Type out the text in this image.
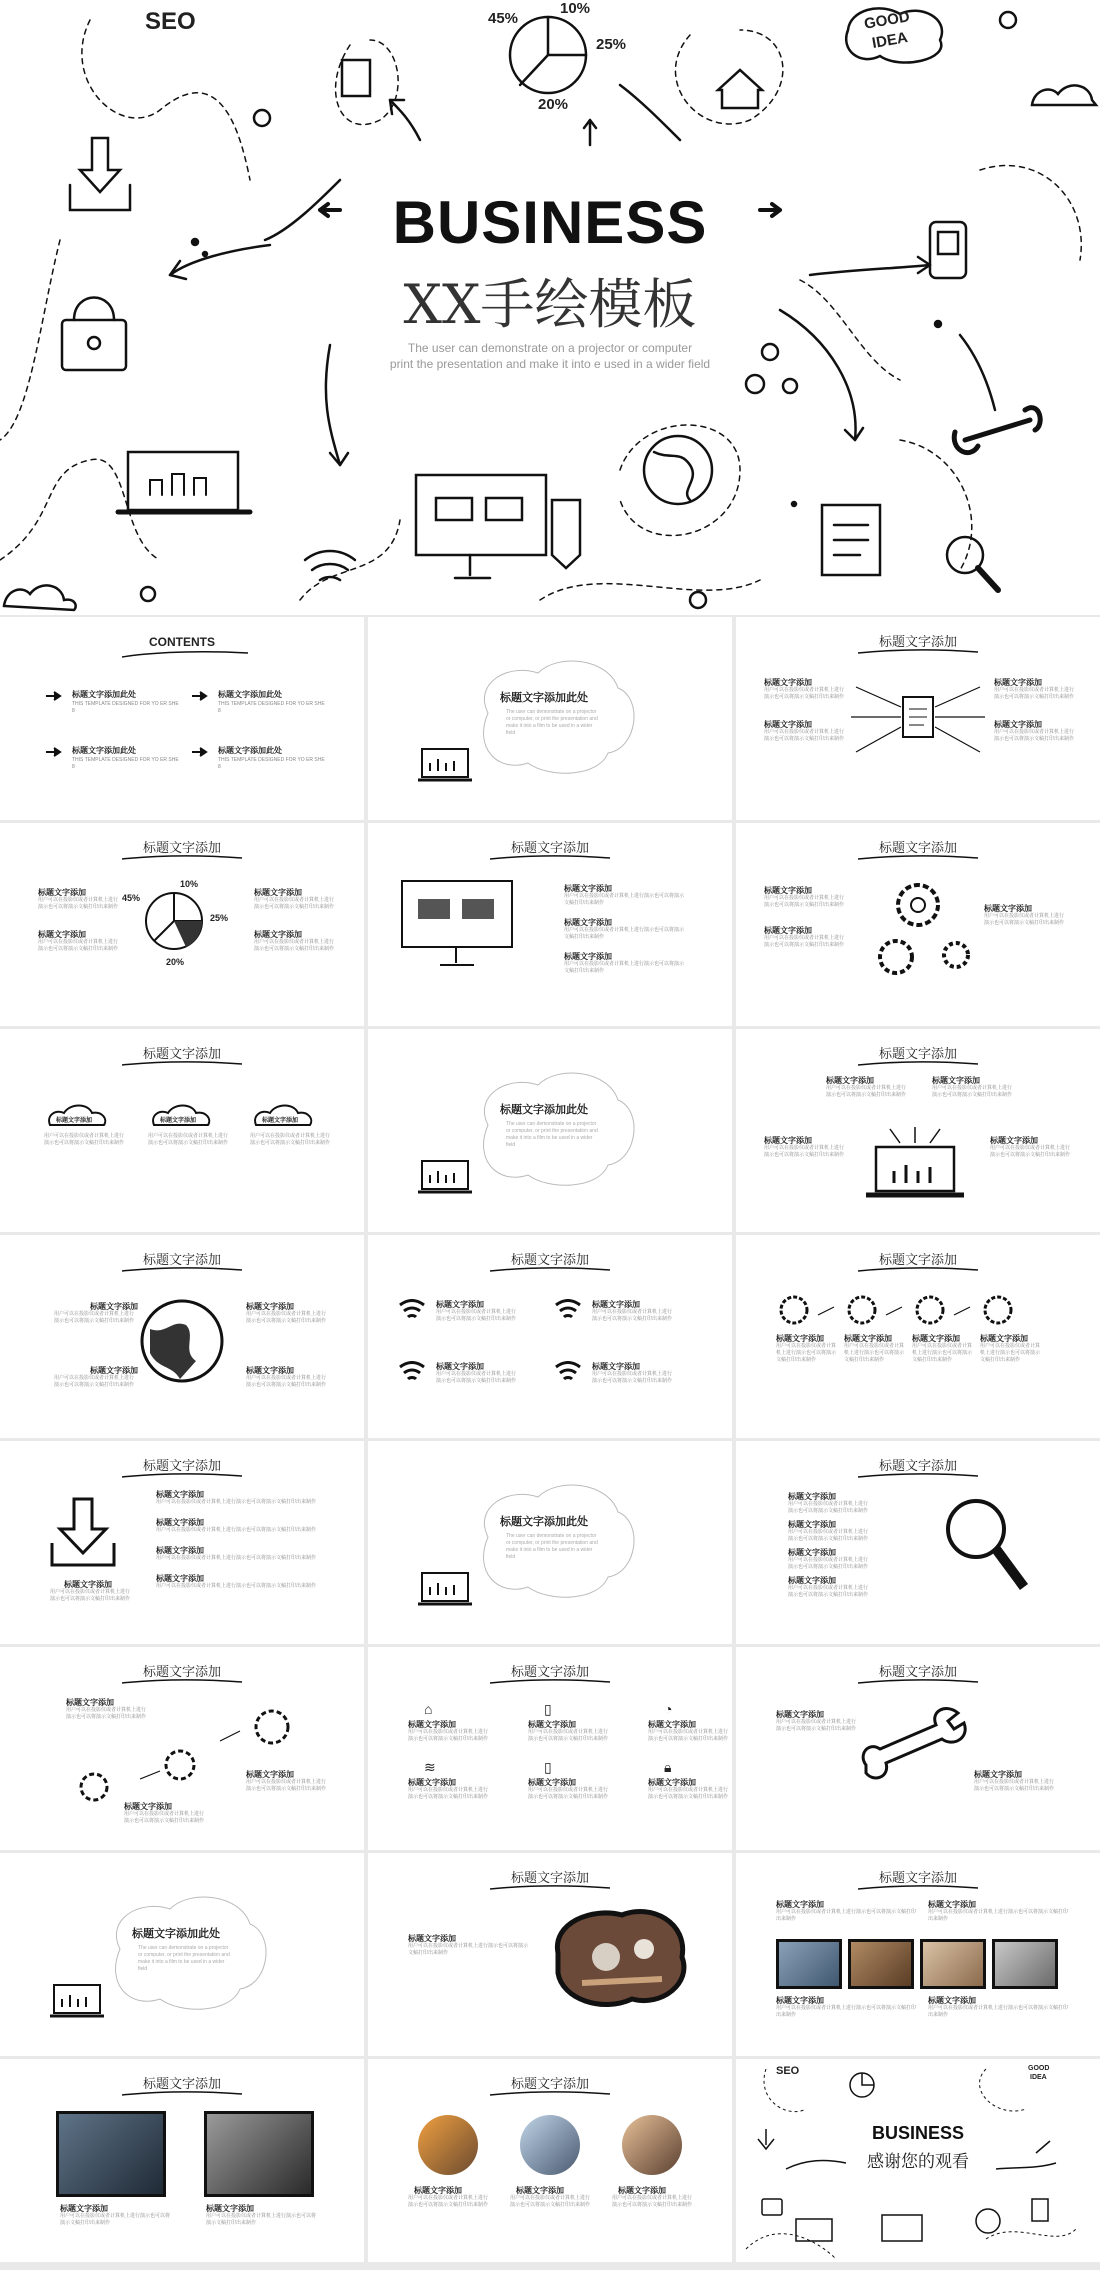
SEO	GOOD
IDEA
45%
10%
25%
20%
BUSINESS
XX手绘模板
The user can demonstrate on a projector or computer
print the presentation and make it into e used in a wider field
CONTENTS
标题文字添加此处
THIS TEMPLATE DESIGNED FOR YO ER SHE 8
标题文字添加此处
THIS TEMPLATE DESIGNED FOR YO ER SHE 8
标题文字添加此处
THIS TEMPLATE DESIGNED FOR YO ER SHE 8
标题文字添加此处
THIS TEMPLATE DESIGNED FOR YO ER SHE 8
标题文字添加此处
The user can demonstrate on a projector or computer, or print the presentation and make it into a film to be used in a wider field
标题文字添加
标题文字添加
用户可以在投影仪或者计算机上进行演示也可以将演示文稿打印出来制作
标题文字添加
用户可以在投影仪或者计算机上进行演示也可以将演示文稿打印出来制作
标题文字添加
用户可以在投影仪或者计算机上进行演示也可以将演示文稿打印出来制作
标题文字添加
用户可以在投影仪或者计算机上进行演示也可以将演示文稿打印出来制作
标题文字添加
45%
10%
25%
20%
标题文字添加
用户可以在投影仪或者计算机上进行演示也可以将演示文稿打印出来制作
标题文字添加
用户可以在投影仪或者计算机上进行演示也可以将演示文稿打印出来制作
标题文字添加
用户可以在投影仪或者计算机上进行演示也可以将演示文稿打印出来制作
标题文字添加
用户可以在投影仪或者计算机上进行演示也可以将演示文稿打印出来制作
标题文字添加
标题文字添加
用户可以在投影仪或者计算机上进行演示也可以将演示文稿打印出来制作
标题文字添加
用户可以在投影仪或者计算机上进行演示也可以将演示文稿打印出来制作
标题文字添加
用户可以在投影仪或者计算机上进行演示也可以将演示文稿打印出来制作
标题文字添加
标题文字添加
用户可以在投影仪或者计算机上进行演示也可以将演示文稿打印出来制作
标题文字添加
用户可以在投影仪或者计算机上进行演示也可以将演示文稿打印出来制作
标题文字添加
用户可以在投影仪或者计算机上进行演示也可以将演示文稿打印出来制作
标题文字添加
标题文字添加
用户可以在投影仪或者计算机上进行演示也可以将演示文稿打印出来制作
标题文字添加
用户可以在投影仪或者计算机上进行演示也可以将演示文稿打印出来制作
标题文字添加
用户可以在投影仪或者计算机上进行演示也可以将演示文稿打印出来制作
标题文字添加此处
The user can demonstrate on a projector or computer, or print the presentation and make it into a film to be used in a wider field
标题文字添加
标题文字添加
用户可以在投影仪或者计算机上进行演示也可以将演示文稿打印出来制作
标题文字添加
用户可以在投影仪或者计算机上进行演示也可以将演示文稿打印出来制作
标题文字添加
用户可以在投影仪或者计算机上进行演示也可以将演示文稿打印出来制作
标题文字添加
用户可以在投影仪或者计算机上进行演示也可以将演示文稿打印出来制作
标题文字添加
标题文字添加
用户可以在投影仪或者计算机上进行演示也可以将演示文稿打印出来制作
标题文字添加
用户可以在投影仪或者计算机上进行演示也可以将演示文稿打印出来制作
标题文字添加
用户可以在投影仪或者计算机上进行演示也可以将演示文稿打印出来制作
标题文字添加
用户可以在投影仪或者计算机上进行演示也可以将演示文稿打印出来制作
标题文字添加
标题文字添加
用户可以在投影仪或者计算机上进行演示也可以将演示文稿打印出来制作
标题文字添加
用户可以在投影仪或者计算机上进行演示也可以将演示文稿打印出来制作
标题文字添加
用户可以在投影仪或者计算机上进行演示也可以将演示文稿打印出来制作
标题文字添加
用户可以在投影仪或者计算机上进行演示也可以将演示文稿打印出来制作
标题文字添加
标题文字添加
用户可以在投影仪或者计算机上进行演示也可以将演示文稿打印出来制作
标题文字添加
用户可以在投影仪或者计算机上进行演示也可以将演示文稿打印出来制作
标题文字添加
用户可以在投影仪或者计算机上进行演示也可以将演示文稿打印出来制作
标题文字添加
用户可以在投影仪或者计算机上进行演示也可以将演示文稿打印出来制作
标题文字添加
标题文字添加
用户可以在投影仪或者计算机上进行演示也可以将演示文稿打印出来制作
标题文字添加
用户可以在投影仪或者计算机上进行演示也可以将演示文稿打印出来制作
标题文字添加
用户可以在投影仪或者计算机上进行演示也可以将演示文稿打印出来制作
标题文字添加
用户可以在投影仪或者计算机上进行演示也可以将演示文稿打印出来制作
标题文字添加
用户可以在投影仪或者计算机上进行演示也可以将演示文稿打印出来制作
标题文字添加此处
The user can demonstrate on a projector or computer, or print the presentation and make it into a film to be used in a wider field
标题文字添加
标题文字添加
用户可以在投影仪或者计算机上进行演示也可以将演示文稿打印出来制作
标题文字添加
用户可以在投影仪或者计算机上进行演示也可以将演示文稿打印出来制作
标题文字添加
用户可以在投影仪或者计算机上进行演示也可以将演示文稿打印出来制作
标题文字添加
用户可以在投影仪或者计算机上进行演示也可以将演示文稿打印出来制作
标题文字添加
标题文字添加
用户可以在投影仪或者计算机上进行演示也可以将演示文稿打印出来制作
标题文字添加
用户可以在投影仪或者计算机上进行演示也可以将演示文稿打印出来制作
标题文字添加
用户可以在投影仪或者计算机上进行演示也可以将演示文稿打印出来制作
标题文字添加
⌂	▯	◔
标题文字添加
用户可以在投影仪或者计算机上进行演示也可以将演示文稿打印出来制作
标题文字添加
用户可以在投影仪或者计算机上进行演示也可以将演示文稿打印出来制作
标题文字添加
用户可以在投影仪或者计算机上进行演示也可以将演示文稿打印出来制作
≋	▯	🔒︎
标题文字添加
用户可以在投影仪或者计算机上进行演示也可以将演示文稿打印出来制作
标题文字添加
用户可以在投影仪或者计算机上进行演示也可以将演示文稿打印出来制作
标题文字添加
用户可以在投影仪或者计算机上进行演示也可以将演示文稿打印出来制作
标题文字添加
标题文字添加
用户可以在投影仪或者计算机上进行演示也可以将演示文稿打印出来制作
标题文字添加
用户可以在投影仪或者计算机上进行演示也可以将演示文稿打印出来制作
标题文字添加此处
The user can demonstrate on a projector or computer, or print the presentation and make it into a film to be used in a wider field
标题文字添加
标题文字添加
用户可以在投影仪或者计算机上进行演示也可以将演示文稿打印出来制作
标题文字添加
标题文字添加
用户可以在投影仪或者计算机上进行演示也可以将演示文稿打印出来制作
标题文字添加
用户可以在投影仪或者计算机上进行演示也可以将演示文稿打印出来制作
标题文字添加
用户可以在投影仪或者计算机上进行演示也可以将演示文稿打印出来制作
标题文字添加
用户可以在投影仪或者计算机上进行演示也可以将演示文稿打印出来制作
标题文字添加
标题文字添加
用户可以在投影仪或者计算机上进行演示也可以将演示文稿打印出来制作
标题文字添加
用户可以在投影仪或者计算机上进行演示也可以将演示文稿打印出来制作
标题文字添加
标题文字添加
用户可以在投影仪或者计算机上进行演示也可以将演示文稿打印出来制作
标题文字添加
用户可以在投影仪或者计算机上进行演示也可以将演示文稿打印出来制作
标题文字添加
用户可以在投影仪或者计算机上进行演示也可以将演示文稿打印出来制作
SEO	GOOD
IDEA
BUSINESS
感谢您的观看
